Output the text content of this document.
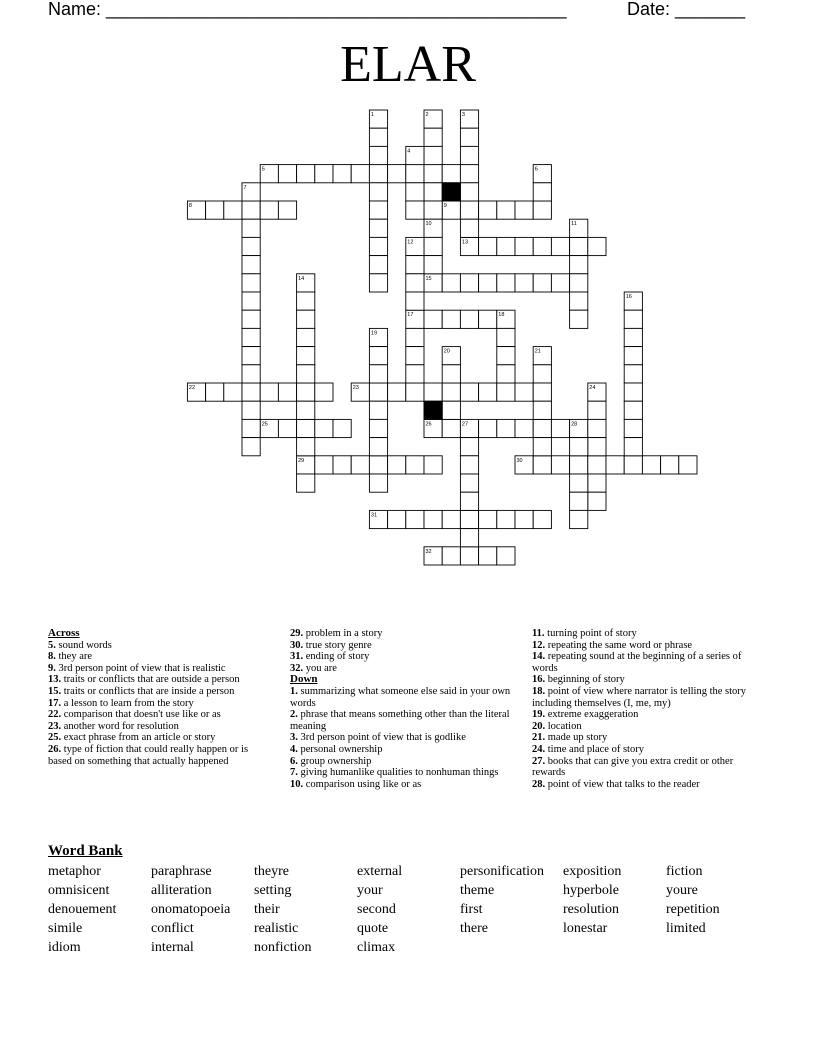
Name: ______________________________________________	Date: _______
ELAR
5
8	9
13
15
17
22	23
25	26
29	30
31
32
1	2	3
4
6
7
10	11
12
14
16
18
19
20	21
24
27	28
Across
5. sound words
8. they are
9. 3rd person point of view that is realistic
13. traits or conflicts that are outside a person
15. traits or conflicts that are inside a person
17. a lesson to learn from the story
22. comparison that doesn't use like or as
23. another word for resolution
25. exact phrase from an article or story
26. type of fiction that could really happen or is based on something that actually happened
29. problem in a story
30. true story genre
31. ending of story
32. you are
Down
1. summarizing what someone else said in your own words
2. phrase that means something other than the literal meaning
3. 3rd person point of view that is godlike
4. personal ownership
6. group ownership
7. giving humanlike qualities to nonhuman things
10. comparison using like or as
11. turning point of story
12. repeating the same word or phrase
14. repeating sound at the beginning of a series of words
16. beginning of story
18. point of view where narrator is telling the story including themselves (I, me, my)
19. extreme exaggeration
20. location
21. made up story
24. time and place of story
27. books that can give you extra credit or other rewards
28. point of view that talks to the reader
Word Bank
metaphor	paraphrase	theyre	external	personification exposition	fiction
omnisicent	alliteration	setting	your	theme	hyperbole	youre
denouement onomatopoeia their	second	first	resolution	repetition
simile	conflict	realistic	quote	there	lonestar	limited
idiom	internal	nonfiction	climax
